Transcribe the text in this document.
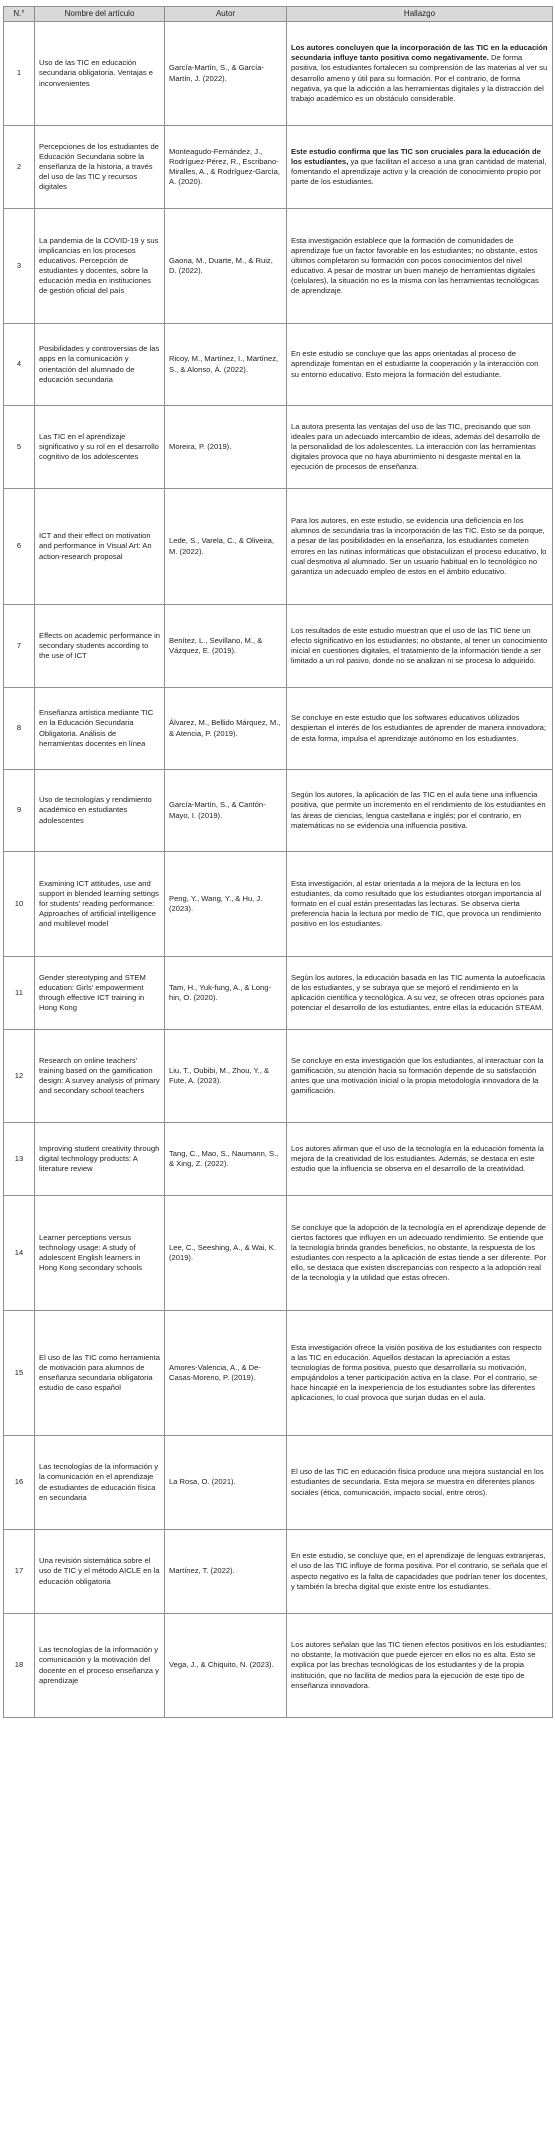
N.°	Nombre del artículo	Autor	Hallazgo
1	Uso de las TIC en educación secundaria obligatoria. Ventajas e inconvenientes	García-Martín, S., & García-Martín, J. (2022).	Los autores concluyen que la incorporación de las TIC en la educación secundaria influye tanto positiva como negativamente. De forma positiva, los estudiantes fortalecen su comprensión de las materias al ver su desarrollo ameno y útil para su formación. Por el contrario, de forma negativa, ya que la adicción a las herramientas digitales y la distracción del trabajo académico es un obstáculo considerable.
2	Percepciones de los estudiantes de Educación Secundaria sobre la enseñanza de la historia, a través del uso de las TIC y recursos digitales	Monteagudo-Fernández, J., Rodríguez-Pérez, R., Escribano-Miralles, A., & Rodríguez-García, A. (2020).	Este estudio confirma que las TIC son cruciales para la educación de los estudiantes, ya que facilitan el acceso a una gran cantidad de material, fomentando el aprendizaje activo y la creación de conocimiento propio por parte de los estudiantes.
3	La pandemia de la COVID-19 y sus implicancias en los procesos educativos. Percepción de estudiantes y docentes, sobre la educación media en instituciones de gestión oficial del país	Gaona, M., Duarte, M., & Ruiz, D. (2022).	Esta investigación establece que la formación de comunidades de aprendizaje fue un factor favorable en los estudiantes; no obstante, estos últimos completaron su formación con pocos conocimientos del nivel educativo. A pesar de mostrar un buen manejo de herramientas digitales (celulares), la situación no es la misma con las herramientas tecnológicas de aprendizaje.
4	Posibilidades y controversias de las apps en la comunicación y orientación del alumnado de educación secundaria	Ricoy, M., Martínez, I., Martínez, S., & Alonso, Á. (2022).	En este estudio se concluye que las apps orientadas al proceso de aprendizaje fomentan en el estudiante la cooperación y la interacción con su entorno educativo. Esto mejora la formación del estudiante.
5	Las TIC en el aprendizaje significativo y su rol en el desarrollo cognitivo de los adolescentes	Moreira, P. (2019).	La autora presenta las ventajas del uso de las TIC, precisando que son ideales para un adecuado intercambio de ideas, además del desarrollo de la personalidad de los adolescentes. La interacción con las herramientas digitales provoca que no haya aburrimiento ni desgaste mental en la ejecución de procesos de enseñanza.
6	ICT and their effect on motivation and performance in Visual Art: An action-research proposal	Lede, S., Varela, C., & Oliveira, M. (2022).	Para los autores, en este estudio, se evidencia una deficiencia en los alumnos de secundaria tras la incorporación de las TIC. Esto se da porque, a pesar de las posibilidades en la enseñanza, los estudiantes cometen errores en las rutinas informáticas que obstaculizan el proceso educativo, lo cual desmotiva al alumnado. Ser un usuario habitual en lo tecnológico no garantiza un adecuado empleo de estos en el ámbito educativo.
7	Effects on academic performance in secondary students according to the use of ICT	Benítez, L., Sevillano, M., & Vázquez, E. (2019).	Los resultados de este estudio muestran que el uso de las TIC tiene un efecto significativo en los estudiantes; no obstante, al tener un conocimiento inicial en cuestiones digitales, el tratamiento de la información tiende a ser limitado a un rol pasivo, donde no se analizan ni se procesa lo adquirido.
8	Enseñanza artística mediante TIC en la Educación Secundaria Obligatoria. Análisis de herramientas docentes en línea	Álvarez, M., Bellido Márquez, M., & Atencia, P. (2019).	Se concluye en este estudio que los softwares educativos utilizados despiertan el interés de los estudiantes de aprender de manera innovadora; de esta forma, impulsa el aprendizaje autónomo en los estudiantes.
9	Uso de tecnologías y rendimiento académico en estudiantes adolescentes	García-Martín, S., & Cantón-Mayo, I. (2019).	Según los autores, la aplicación de las TIC en el aula tiene una influencia positiva, que permite un incremento en el rendimiento de los estudiantes en las áreas de ciencias, lengua castellana e inglés; por el contrario, en matemáticas no se evidencia una influencia positiva.
10	Examining ICT attitudes, use and support in blended learning settings for students' reading performance: Approaches of artificial intelligence and multilevel model	Peng, Y., Wang, Y., & Hu, J. (2023).	Esta investigación, al estar orientada a la mejora de la lectura en los estudiantes, da como resultado que los estudiantes otorgan importancia al formato en el cual están presentadas las lecturas. Se observa cierta preferencia hacia la lectura por medio de TIC, que provoca un rendimiento positivo en los estudiantes.
11	Gender stereotyping and STEM education: Girls' empowerment through effective ICT training in Hong Kong	Tam, H., Yuk-fung, A., & Long-hin, O. (2020).	Según los autores, la educación basada en las TIC aumenta la autoeficacia de los estudiantes, y se subraya que se mejoró el rendimiento en la aplicación científica y tecnológica. A su vez, se ofrecen otras opciones para potenciar el desarrollo de los estudiantes, entre ellas la educación STEAM.
12	Research on online teachers' training based on the gamification design: A survey analysis of primary and secondary school teachers	Liu, T., Oubibi, M., Zhou, Y., & Fute, A. (2023).	Se concluye en esta investigación que los estudiantes, al interactuar con la gamificación, su atención hacia su formación depende de su satisfacción antes que una motivación inicial o la propia metodología innovadora de la gamificación.
13	Improving student creativity through digital technology products: A literature review	Tang, C., Mao, S., Naumann, S., & Xing, Z. (2022).	Los autores afirman que el uso de la tecnología en la educación fomenta la mejora de la creatividad de los estudiantes. Además, se destaca en este estudio que la influencia se observa en el desarrollo de la creatividad.
14	Learner perceptions versus technology usage: A study of adolescent English learners in Hong Kong secondary schools	Lee, C., Seeshing, A., & Wai, K. (2019).	Se concluye que la adopción de la tecnología en el aprendizaje depende de ciertos factores que influyen en un adecuado rendimiento. Se entiende que la tecnología brinda grandes beneficios, no obstante, la respuesta de los estudiantes con respecto a la aplicación de estas tiende a ser diferente. Por ello, se destaca que existen discrepancias con respecto a la adopción real de la tecnología y la utilidad que estas ofrecen.
15	El uso de las TIC como herramienta de motivación para alumnos de enseñanza secundaria obligatoria estudio de caso español	Amores-Valencia, A., & De-Casas-Moreno, P. (2019).	Esta investigación ofrece la visión positiva de los estudiantes con respecto a las TIC en educación. Aquellos destacan la apreciación a estas tecnologías de forma positiva, puesto que desarrollaría su motivación, empujándolos a tener participación activa en la clase. Por el contrario, se hace hincapié en la inexperiencia de los estudiantes sobre las diferentes aplicaciones, lo cual provoca que surjan dudas en el aula.
16	Las tecnologías de la información y la comunicación en el aprendizaje de estudiantes de educación física en secundaria	La Rosa, O. (2021).	El uso de las TIC en educación física produce una mejora sustancial en los estudiantes de secundaria. Esta mejora se muestra en diferentes planos sociales (ética, comunicación, impacto social, entre otros).
17	Una revisión sistemática sobre el uso de TIC y el método AICLE en la educación obligatoria	Martínez, T. (2022).	En este estudio, se concluye que, en el aprendizaje de lenguas extranjeras, el uso de las TIC influye de forma positiva. Por el contrario, se señala que el aspecto negativo es la falta de capacidades que podrían tener los docentes, y también la brecha digital que existe entre los estudiantes.
18	Las tecnologías de la información y comunicación y la motivación del docente en el proceso enseñanza y aprendizaje	Vega, J., & Chiquito, N. (2023).	Los autores señalan que las TIC tienen efectos positivos en los estudiantes; no obstante, la motivación que puede ejercer en ellos no es alta. Esto se explica por las brechas tecnológicas de los estudiantes y de la propia institución, que no facilita de medios para la ejecución de este tipo de enseñanza innovadora.
